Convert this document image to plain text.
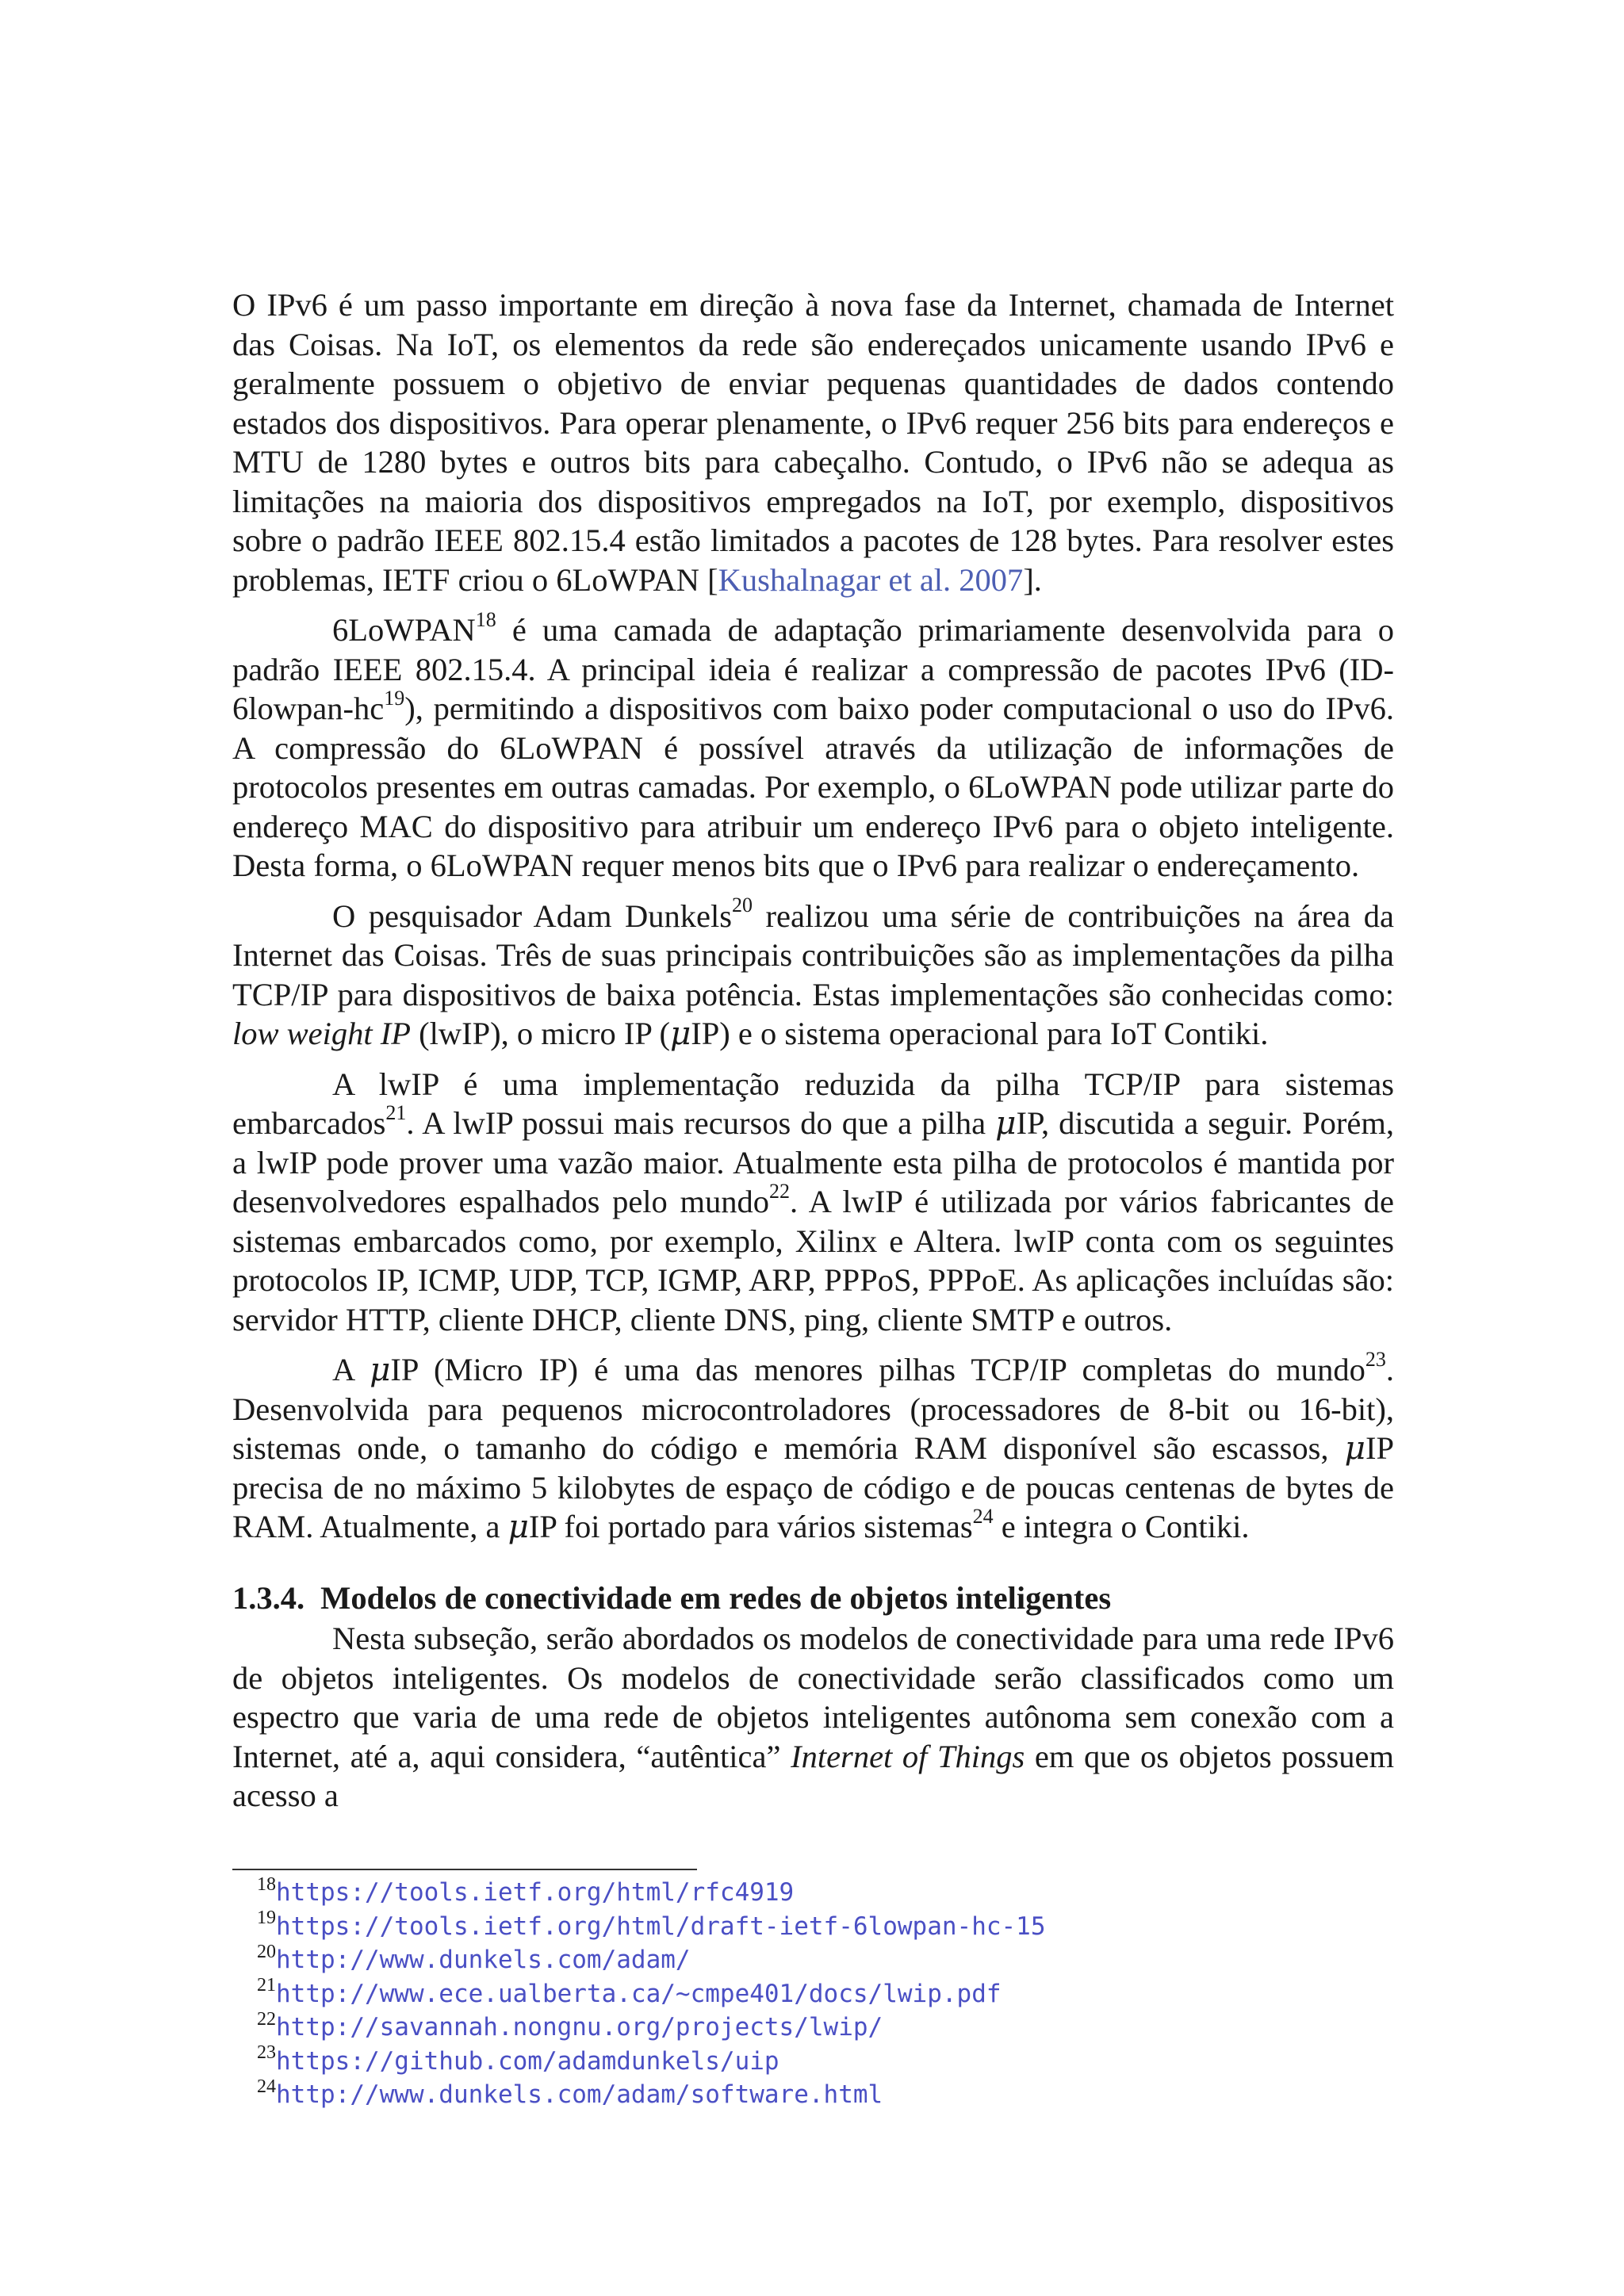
O IPv6 é um passo importante em direção à nova fase da Internet, chamada de Internet das Coisas. Na IoT, os elementos da rede são endereçados unicamente usando IPv6 e geralmente possuem o objetivo de enviar pequenas quantidades de dados contendo estados dos dispositivos. Para operar plenamente, o IPv6 requer 256 bits para endereços e MTU de 1280 bytes e outros bits para cabeçalho. Contudo, o IPv6 não se adequa as limitações na maioria dos dispositivos empregados na IoT, por exemplo, dispositivos sobre o padrão IEEE 802.15.4 estão limitados a pacotes de 128 bytes. Para resolver estes problemas, IETF criou o 6LoWPAN [Kushalnagar et al. 2007].

6LoWPAN$^{18}$ é uma camada de adaptação primariamente desenvolvida para o padrão IEEE 802.15.4. A principal ideia é realizar a compressão de pacotes IPv6 $(ID-6lowpan-hc^{19})$, permitindo a dispositivos com baixo poder computacional o uso do IPv6. A compressão do 6LoWPAN é possível através da utilização de informações de protocolos presentes em outras camadas. Por exemplo, o 6LoWPAN pode utilizar parte do endereço MAC do dispositivo para atribuir um endereço IPv6 para o objeto inteligente. Desta forma, o 6LoWPAN requer menos bits que o IPv6 para realizar o endereçamento.

O pesquisador Adam Dunkels$^{20}$ realizou uma série de contribuições na área da Internet das Coisas. Três de suas principais contribuições são as implementações da pilha TCP/IP para dispositivos de baixa potência. Estas implementações são conhecidas como: low weight IP (lwIP), o micro IP (μIP) e o sistema operacional para IoT Contiki.

A lwIP é uma implementação reduzida da pilha TCP/IP para sistemas embarcados$^{21}$. A lwIP possui mais recursos do que a pilha μIP, discutida a seguir. Porém, a lwIP pode prover uma vazão maior. Atualmente esta pilha de protocolos é mantida por desenvolvedores espalhados pelo mundo$^{22}$. A lwIP é utilizada por vários fabricantes de sistemas embarcados como, por exemplo, Xilinx e Altera. lwIP conta com os seguintes protocolos IP, ICMP, UDP, TCP, IGMP, ARP, PPPoS, PPPoE. As aplicações incluídas são: servidor HTTP, cliente DHCP, cliente DNS, ping, cliente SMTP e outros.

A μIP (Micro IP) é uma das menores pilhas TCP/IP completas do mundo$^{23}$. Desenvolvida para pequenos microcontroladores (processadores de 8-bit ou 16-bit), sistemas onde, o tamanho do código e memória RAM disponível são escassos, μIP precisa de no máximo 5 kilobytes de espaço de código e de poucas centenas de bytes de RAM. Atualmente, a μIP foi portado para vários sistemas$^{24}$ e integra o Contiki.

1.3.4. Modelos de conectividade em redes de objetos inteligentes

Nesta subseção, serão abordados os modelos de conectividade para uma rede IPv6 de objetos inteligentes. Os modelos de conectividade serão classificados como um espectro que varia de uma rede de objetos inteligentes autônoma sem conexão com a Internet, até a, aqui considera, “autêntica” Internet of Things em que os objetos possuem acesso a

$^{18}$https://tools.ietf.org/html/rfc4919
$^{19}$https://tools.ietf.org/html/draft-ietf-6lowpan-hc-15
$^{20}$http://www.dunkels.com/adam/
$^{21}$http://www.ece.ualberta.ca/~cmpe401/docs/lwip.pdf
$^{22}$http://savannah.nongnu.org/projects/lwip/
$^{23}$https://github.com/adamdunkels/uip
$^{24}$http://www.dunkels.com/adam/software.html
